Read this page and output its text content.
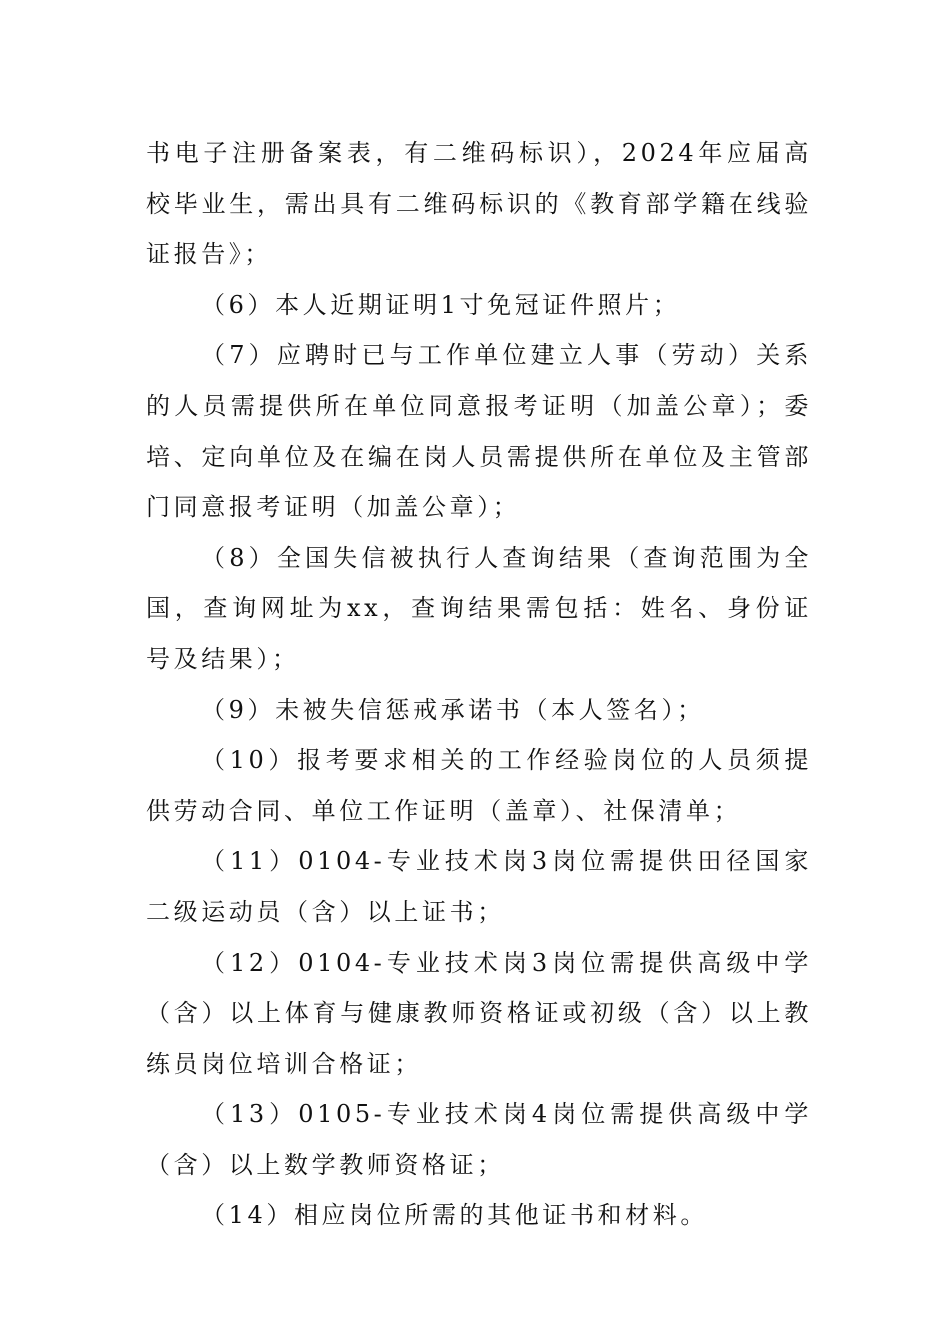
书电子注册备案表，有二维码标识），2024年应届高校毕业生，需出具有二维码标识的《教育部学籍在线验证报告》；

（6）本人近期证明1寸免冠证件照片；

（7）应聘时已与工作单位建立人事（劳动）关系的人员需提供所在单位同意报考证明（加盖公章）；委培、定向单位及在编在岗人员需提供所在单位及主管部门同意报考证明（加盖公章）；

（8）全国失信被执行人查询结果（查询范围为全国，查询网址为xx，查询结果需包括：姓名、身份证号及结果）；

（9）未被失信惩戒承诺书（本人签名）；

（10）报考要求相关的工作经验岗位的人员须提供劳动合同、单位工作证明（盖章）、社保清单；

（11）0104-专业技术岗3岗位需提供田径国家二级运动员（含）以上证书；

（12）0104-专业技术岗3岗位需提供高级中学（含）以上体育与健康教师资格证或初级（含）以上教练员岗位培训合格证；

（13）0105-专业技术岗4岗位需提供高级中学（含）以上数学教师资格证；

（14）相应岗位所需的其他证书和材料。
